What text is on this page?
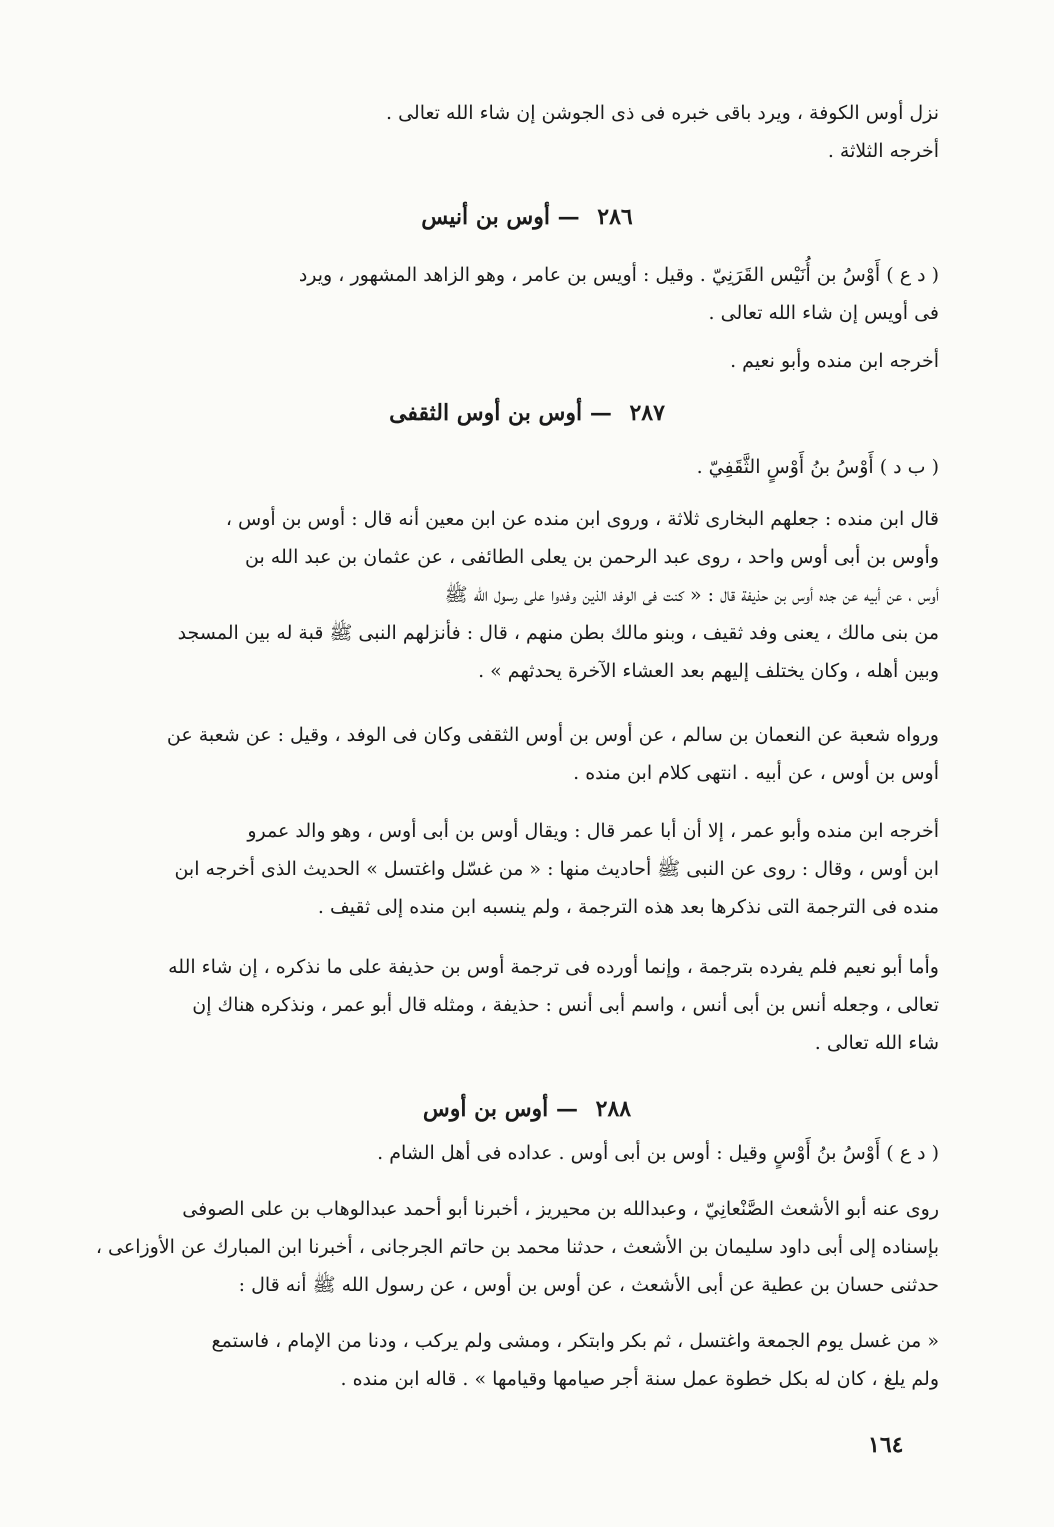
نزل أوس الكوفة ، ويرد باقى خبره فى ذى الجوشن إن شاء الله تعالى .
أخرجه الثلاثة .
٢٨٦ — أوس بن أنيس
( د ع ) أَوْسُ بن أُنَيْس القَرَنِيّ . وقيل : أويس بن عامر ، وهو الزاهد المشهور ، ويرد
فى أويس إن شاء الله تعالى .
أخرجه ابن منده وأبو نعيم .
٢٨٧ — أوس بن أوس الثقفى
( ب د ) أَوْسُ بنُ أَوْسٍ الثَّقَفِيّ .
قال ابن منده : جعلهم البخارى ثلاثة ، وروى ابن منده عن ابن معين أنه قال : أوس بن أوس ،
وأوس بن أبى أوس واحد ، روى عبد الرحمن بن يعلى الطائفى ، عن عثمان بن عبد الله بن
أوس ، عن أبيه عن جده أوس بن حذيفة قال : « كنت فى الوفد الذين وفدوا على رسول الله ﷺ
من بنى مالك ، يعنى وفد ثقيف ، وبنو مالك بطن منهم ، قال : فأنزلهم النبى ﷺ قبة له بين المسجد
وبين أهله ، وكان يختلف إليهم بعد العشاء الآخرة يحدثهم » .
ورواه شعبة عن النعمان بن سالم ، عن أوس بن أوس الثقفى وكان فى الوفد ، وقيل : عن شعبة عن
أوس بن أوس ، عن أبيه . انتهى كلام ابن منده .
أخرجه ابن منده وأبو عمر ، إلا أن أبا عمر قال : ويقال أوس بن أبى أوس ، وهو والد عمرو
ابن أوس ، وقال : روى عن النبى ﷺ أحاديث منها : « من غسّل واغتسل » الحديث الذى أخرجه ابن
منده فى الترجمة التى نذكرها بعد هذه الترجمة ، ولم ينسبه ابن منده إلى ثقيف .
وأما أبو نعيم فلم يفرده بترجمة ، وإنما أورده فى ترجمة أوس بن حذيفة على ما نذكره ، إن شاء الله
تعالى ، وجعله أنس بن أبى أنس ، واسم أبى أنس : حذيفة ، ومثله قال أبو عمر ، ونذكره هناك إن
شاء الله تعالى .
٢٨٨ — أوس بن أوس
( د ع ) أَوْسُ بنُ أَوْسٍ وقيل : أوس بن أبى أوس . عداده فى أهل الشام .
روى عنه أبو الأشعث الصَّنْعانِيّ ، وعبدالله بن محيريز ، أخبرنا أبو أحمد عبدالوهاب بن على الصوفى
بإسناده إلى أبى داود سليمان بن الأشعث ، حدثنا محمد بن حاتم الجرجانى ، أخبرنا ابن المبارك عن الأوزاعى ،
حدثنى حسان بن عطية عن أبى الأشعث ، عن أوس بن أوس ، عن رسول الله ﷺ أنه قال :
« من غسل يوم الجمعة واغتسل ، ثم بكر وابتكر ، ومشى ولم يركب ، ودنا من الإمام ، فاستمع
ولم يلغ ، كان له بكل خطوة عمل سنة أجر صيامها وقيامها » . قاله ابن منده .
١٦٤
